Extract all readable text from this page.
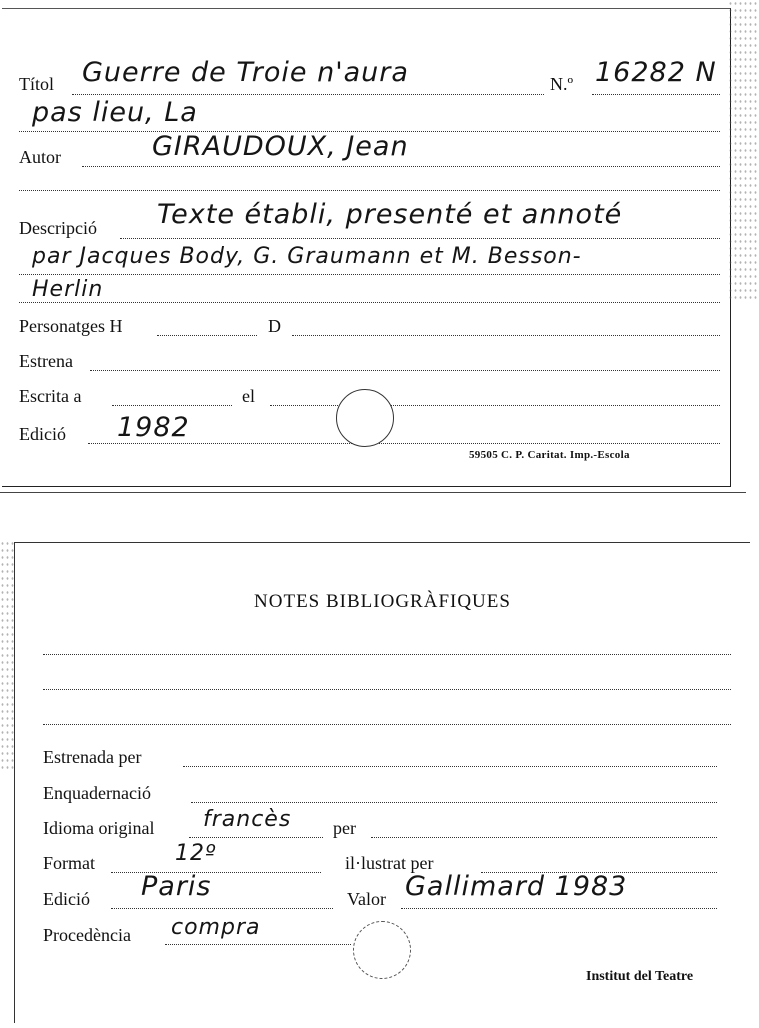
Títol Guerre de Troie n'aura	N.º 16282 N
pas lieu, La
Autor	GIRAUDOUX, Jean
Descripció Texte établi, presenté et annoté
par Jacques Body, G. Graumann et M. Besson-
Herlin
Personatges H	D
Estrena
Escrita a	el
Edició 1982
59505 C. P. Caritat. Imp.-Escola
NOTES BIBLIOGRÀFIQUES
Estrenada per
Enquadernació
Idioma original francès per
Format	12º	il·lustrat per
Edició Paris	Valor Gallimard 1983
Procedència compra
Institut del Teatre
